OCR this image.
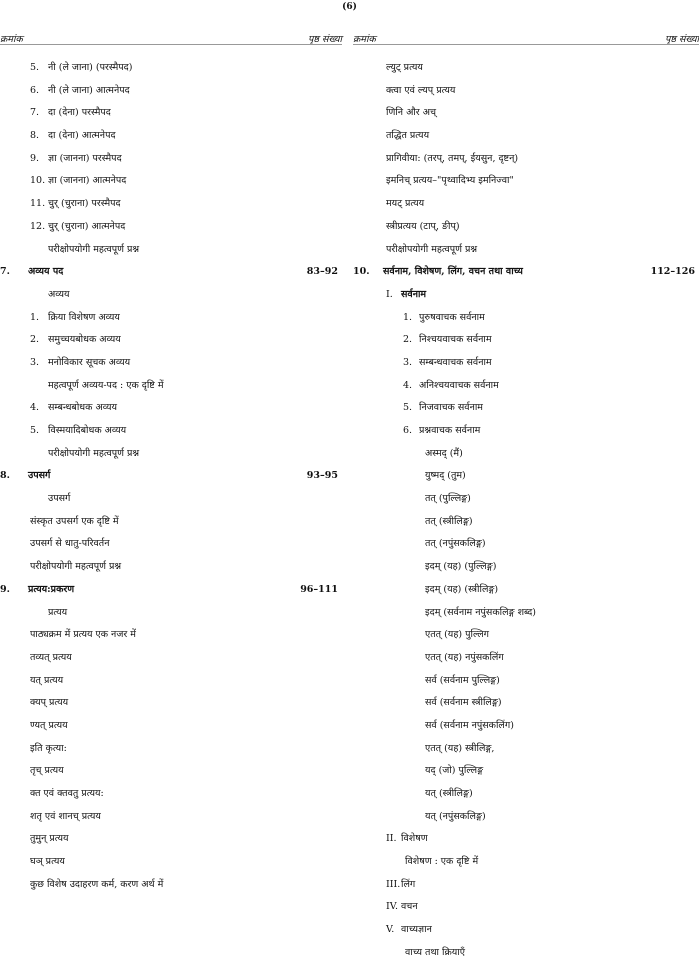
(6)
क्रमांक	पृष्ठ संख्या
5. नी (ले जाना) (परस्मैपद)
6. नी (ले जाना) आत्मनेपद
7. दा (देना) परस्मैपद
8. दा (देना) आत्मनेपद
9. ज्ञा (जानना) परस्मैपद
10. ज्ञा (जानना) आत्मनेपद
11. चुर् (चुराना) परस्मैपद
12. चुर् (चुराना) आत्मनेपद
परीक्षोपयोगी महत्वपूर्ण प्रश्न
7. अव्यय पद	83–92
अव्यय
1. क्रिया विशेषण अव्यय
2. समुच्चयबोधक अव्यय
3. मनोविकार सूचक अव्यय
महत्वपूर्ण अव्यय-पद : एक दृष्टि में
4. सम्बन्धबोधक अव्यय
5. विस्मयादिबोधक अव्यय
परीक्षोपयोगी महत्वपूर्ण प्रश्न
8. उपसर्ग	93–95
उपसर्ग
संस्कृत उपसर्ग एक दृष्टि में
उपसर्ग से धातु-परिवर्तन
परीक्षोपयोगी महत्वपूर्ण प्रश्न
9. प्रत्यय:प्रकरण	96–111
प्रत्यय
पाठ्यक्रम में प्रत्यय एक नजर में
तव्यत् प्रत्यय
यत् प्रत्यय
क्यप् प्रत्यय
ण्यत् प्रत्यय
इति कृत्या:
तृच् प्रत्यय
क्त एवं क्तवतु प्रत्यय:
शतृ एवं शानच् प्रत्यय
तुमुन् प्रत्यय
घञ् प्रत्यय
कुछ विशेष उदाहरण कर्म, करण अर्थ में
क्रमांक	पृष्ठ संख्या
ल्युट् प्रत्यय
क्त्वा एवं ल्यप् प्रत्यय
णिनि और अच्
तद्धित प्रत्यय
प्रागिवीया: (तरप्, तमप्, ईयसुन, दृष्टन्)
इमनिच् प्रत्यय–"पृथ्वादिभ्य इमनिज्वा"
मयट् प्रत्यय
स्त्रीप्रत्यय (टाप्, ङीप्)
परीक्षोपयोगी महत्वपूर्ण प्रश्न
10. सर्वनाम, विशेषण, लिंग, वचन तथा वाच्य	112–126
I. सर्वनाम
1. पुरुषवाचक सर्वनाम
2. निश्चयवाचक सर्वनाम
3. सम्बन्धवाचक सर्वनाम
4. अनिश्चयवाचक सर्वनाम
5. निजवाचक सर्वनाम
6. प्रश्नवाचक सर्वनाम
अस्मद् (मैं)
युष्मद् (तुम)
तत् (पुल्लिङ्ग)
तत् (स्त्रीलिङ्ग)
तत् (नपुंसकलिङ्ग)
इदम् (यह) (पुल्लिङ्ग)
इदम् (यह) (स्त्रीलिङ्ग)
इदम् (सर्वनाम नपुंसकलिङ्ग शब्द)
एतत् (यह) पुल्लिग
एतत् (यह) नपुंसकलिंग
सर्व (सर्वनाम पुल्लिङ्ग)
सर्व (सर्वनाम स्त्रीलिङ्ग)
सर्व (सर्वनाम नपुंसकलिंग)
एतत् (यह) स्त्रीलिङ्ग,
यद् (जो) पुल्लिङ्ग
यत् (स्त्रीलिङ्ग)
यत् (नपुंसकलिङ्ग)
II. विशेषण
विशेषण : एक दृष्टि में
III. लिंग
IV. वचन
V. वाच्यज्ञान
वाच्य तथा क्रियाएँ
